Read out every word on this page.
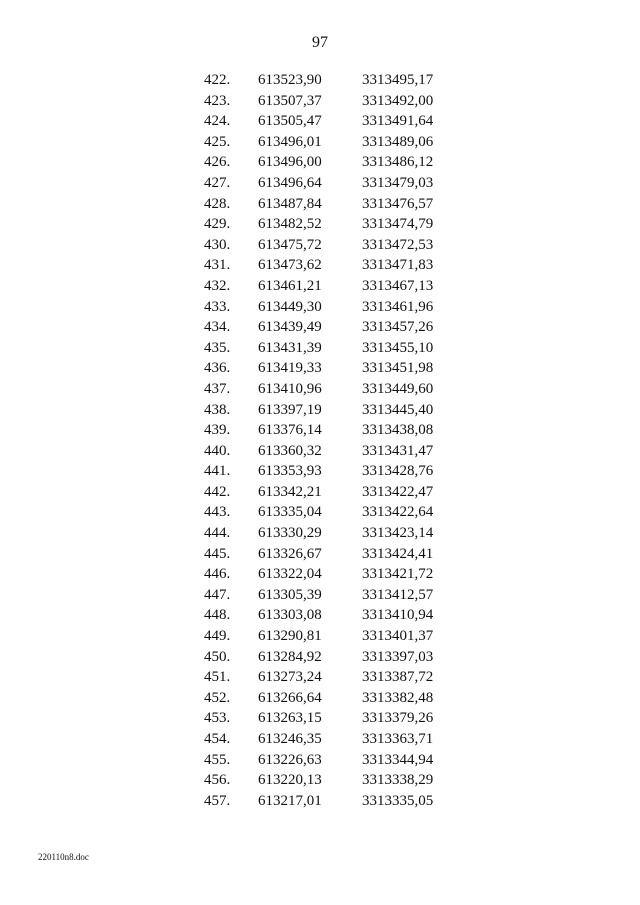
97
422. 613523,90	3313495,17
423. 613507,37	3313492,00
424. 613505,47	3313491,64
425. 613496,01	3313489,06
426. 613496,00	3313486,12
427. 613496,64	3313479,03
428. 613487,84	3313476,57
429. 613482,52	3313474,79
430. 613475,72	3313472,53
431. 613473,62	3313471,83
432. 613461,21	3313467,13
433. 613449,30	3313461,96
434. 613439,49	3313457,26
435. 613431,39	3313455,10
436. 613419,33	3313451,98
437. 613410,96	3313449,60
438. 613397,19	3313445,40
439. 613376,14	3313438,08
440. 613360,32	3313431,47
441. 613353,93	3313428,76
442. 613342,21	3313422,47
443. 613335,04	3313422,64
444. 613330,29	3313423,14
445. 613326,67	3313424,41
446. 613322,04	3313421,72
447. 613305,39	3313412,57
448. 613303,08	3313410,94
449. 613290,81	3313401,37
450. 613284,92	3313397,03
451. 613273,24	3313387,72
452. 613266,64	3313382,48
453. 613263,15	3313379,26
454. 613246,35	3313363,71
455. 613226,63	3313344,94
456. 613220,13	3313338,29
457. 613217,01	3313335,05
220110n8.doc
